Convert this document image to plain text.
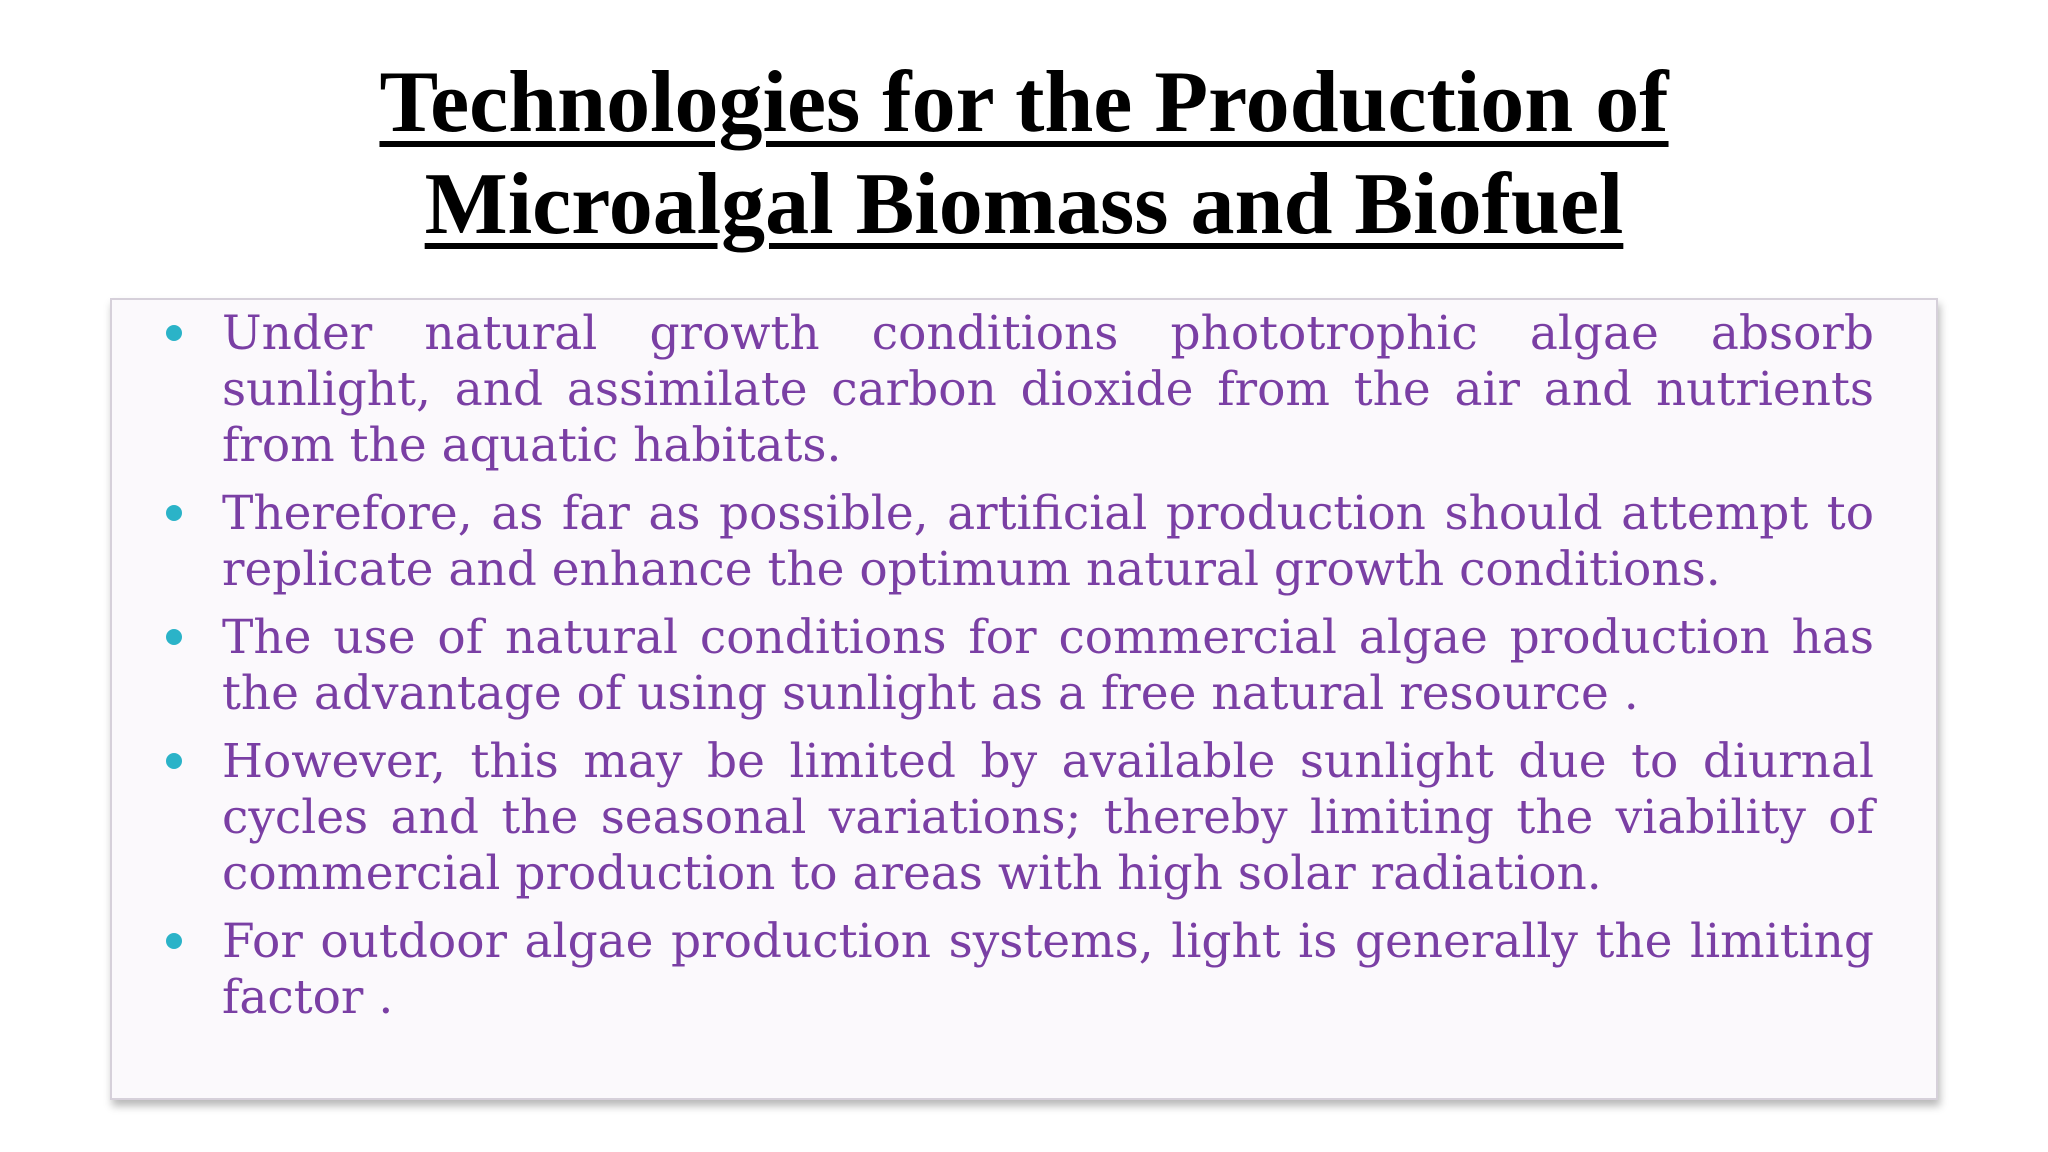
Technologies for the Production of
Microalgal Biomass and Biofuel
Under natural growth conditions phototrophic algae absorb sunlight, and assimilate carbon dioxide from the air and nutrients from the aquatic habitats.
Therefore, as far as possible, artificial production should attempt to replicate and enhance the optimum natural growth conditions.
The use of natural conditions for commercial algae production has the advantage of using sunlight as a free natural resource .
However, this may be limited by available sunlight due to diurnal cycles and the seasonal variations; thereby limiting the viability of commercial production to areas with high solar radiation.
For outdoor algae production systems, light is generally the limiting factor .
